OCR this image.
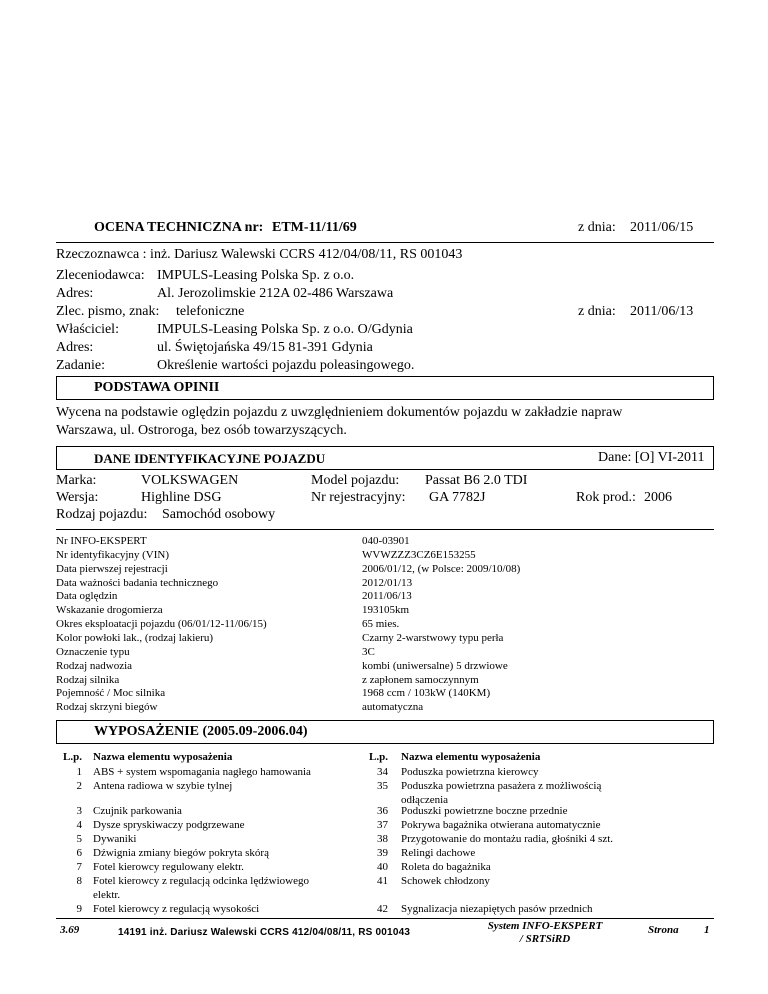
OCENA TECHNICZNA nr: ETM-11/11/69	z dnia: 2011/06/15
Rzeczoznawca : inż. Dariusz Walewski CCRS 412/04/08/11, RS 001043
Zleceniodawca: IMPULS-Leasing Polska Sp. z o.o.
Adres:	Al. Jerozolimskie 212A 02-486 Warszawa
Zlec. pismo, znak: telefoniczne	z dnia: 2011/06/13
Właściciel:	IMPULS-Leasing Polska Sp. z o.o. O/Gdynia
Adres:	ul. Świętojańska 49/15 81-391 Gdynia
Zadanie:	Określenie wartości pojazdu poleasingowego.
PODSTAWA OPINII
Wycena na podstawie oględzin pojazdu z uwzględnieniem dokumentów pojazdu w zakładzie napraw
Warszawa, ul. Ostroroga, bez osób towarzyszących.
DANE IDENTYFIKACYJNE POJAZDU	Dane: [O] VI-2011
Marka:	VOLKSWAGEN	Model pojazdu: Passat B6 2.0 TDI
Wersja:	Highline DSG	Nr rejestracyjny: GA 7782J	Rok prod.: 2006
Rodzaj pojazdu: Samochód osobowy
Nr INFO-EKSPERT	040-03901
Nr identyfikacyjny (VIN)	WVWZZZ3CZ6E153255
Data pierwszej rejestracji	2006/01/12, (w Polsce: 2009/10/08)
Data ważności badania technicznego	2012/01/13
Data oględzin	2011/06/13
Wskazanie drogomierza	193105km
Okres eksploatacji pojazdu (06/01/12-11/06/15)	65 mies.
Kolor powłoki lak., (rodzaj lakieru)	Czarny 2-warstwowy typu perła
Oznaczenie typu	3C
Rodzaj nadwozia	kombi (uniwersalne) 5 drzwiowe
Rodzaj silnika	z zapłonem samoczynnym
Pojemność / Moc silnika	1968 ccm / 103kW (140KM)
Rodzaj skrzyni biegów	automatyczna
WYPOSAŻENIE (2005.09-2006.04)
L.p. Nazwa elementu wyposażenia	L.p. Nazwa elementu wyposażenia
1 ABS + system wspomagania nagłego hamowania
2 Antena radiowa w szybie tylnej
3 Czujnik parkowania
4 Dysze spryskiwaczy podgrzewane
5 Dywaniki
6 Dźwignia zmiany biegów pokryta skórą
7 Fotel kierowcy regulowany elektr.
8 Fotel kierowcy z regulacją odcinka lędźwiowego
elektr.
9 Fotel kierowcy z regulacją wysokości
34 Poduszka powietrzna kierowcy
35 Poduszka powietrzna pasażera z możliwością
odłączenia
36 Poduszki powietrzne boczne przednie
37 Pokrywa bagażnika otwierana automatycznie
38 Przygotowanie do montażu radia, głośniki 4 szt.
39 Relingi dachowe
40 Roleta do bagażnika
41 Schowek chłodzony
42 Sygnalizacja niezapiętych pasów przednich
3.69	14191 inż. Dariusz Walewski CCRS 412/04/08/11, RS 001043
System INFO-EKSPERT
/ SRTSiRD
Strona 1
